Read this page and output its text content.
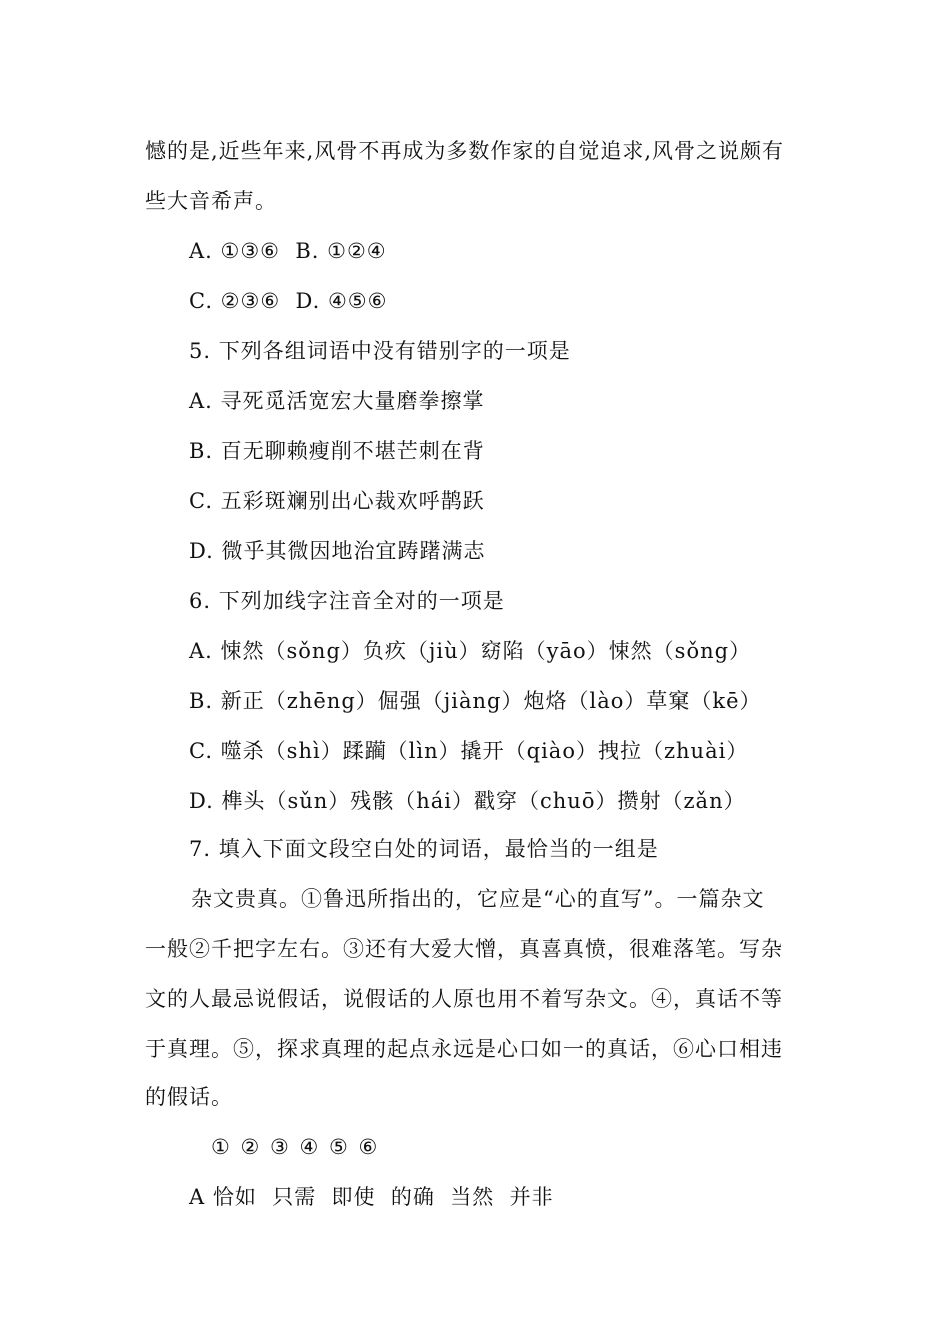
憾的是,近些年来,风骨不再成为多数作家的自觉追求,风骨之说颇有
些大音希声。
A. ①③⑥  B. ①②④
C. ②③⑥  D. ④⑤⑥
5. 下列各组词语中没有错别字的一项是
A. 寻死觅活宽宏大量磨拳擦掌
B. 百无聊赖瘦削不堪芒刺在背
C. 五彩斑斓别出心裁欢呼鹊跃
D. 微乎其微因地治宜踌躇满志
6. 下列加线字注音全对的一项是
A. 悚然（sǒng）负疚（jiù）窈陷（yāo）悚然（sǒng）
B. 新正（zhēng）倔强（jiàng）炮烙（lào）草窠（kē）
C. 噬杀（shì）蹂躏（lìn）撬开（qiào）拽拉（zhuài）
D. 榫头（sǔn）残骸（hái）戳穿（chuō）攒射（zǎn）
7. 填入下面文段空白处的词语，最恰当的一组是
杂文贵真。①鲁迅所指出的，它应是“心的直写”。一篇杂文
一般②千把字左右。③还有大爱大憎，真喜真愤，很难落笔。写杂
文的人最忌说假话，说假话的人原也用不着写杂文。④，真话不等
于真理。⑤，探求真理的起点永远是心口如一的真话，⑥心口相违
的假话。
① ② ③ ④ ⑤ ⑥
A 恰如  只需  即使  的确  当然  并非
